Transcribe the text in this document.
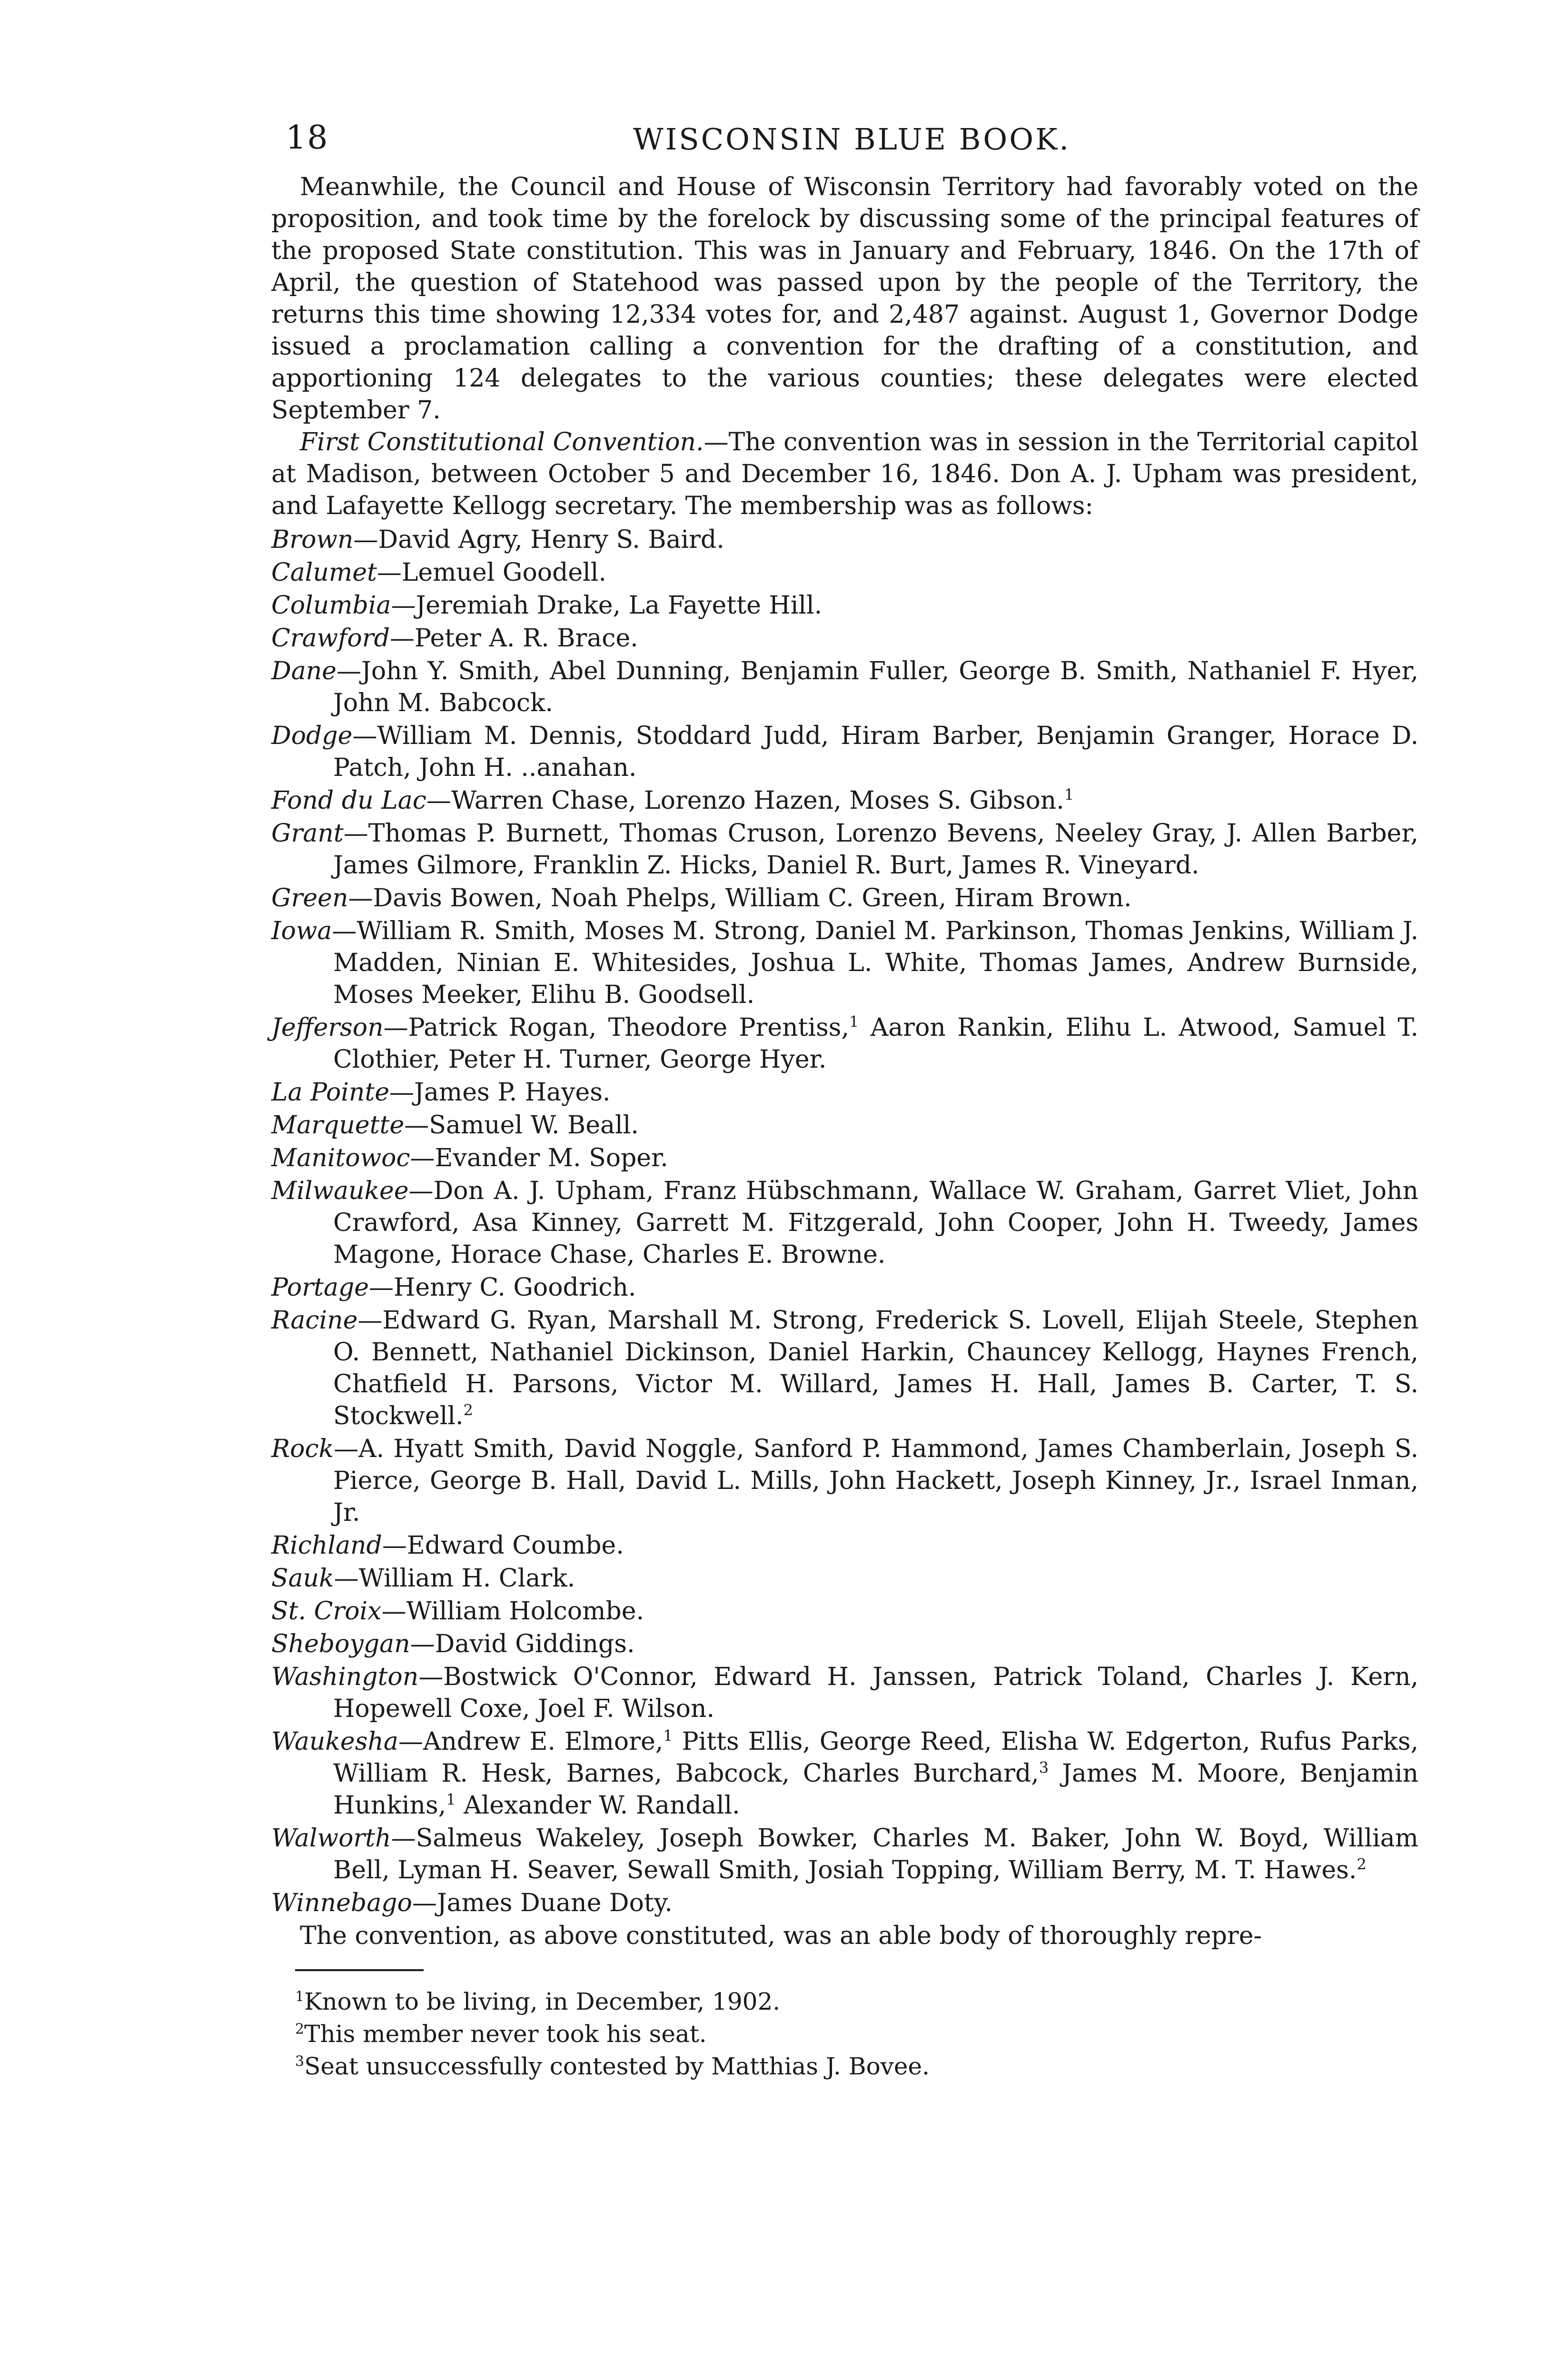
18	WISCONSIN BLUE BOOK.

Meanwhile, the Council and House of Wisconsin Territory had favorably voted on the proposition, and took time by the forelock by discussing some of the principal features of the proposed State constitution. This was in January and February, 1846. On the 17th of April, the question of Statehood was passed upon by the people of the Territory, the returns this time showing 12,334 votes for, and 2,487 against. August 1, Governor Dodge issued a proclamation calling a convention for the drafting of a constitution, and apportioning 124 delegates to the various counties; these delegates were elected September 7.

First Constitutional Convention.—The convention was in session in the Territorial capitol at Madison, between October 5 and December 16, 1846. Don A. J. Upham was president, and Lafayette Kellogg secretary. The membership was as follows:

Brown—David Agry, Henry S. Baird.
Calumet—Lemuel Goodell.
Columbia—Jeremiah Drake, La Fayette Hill.
Crawford—Peter A. R. Brace.
Dane—John Y. Smith, Abel Dunning, Benjamin Fuller, George B. Smith, Nathaniel F. Hyer, John M. Babcock.
Dodge—William M. Dennis, Stoddard Judd, Hiram Barber, Benjamin Granger, Horace D. Patch, John H. ..anahan.
Fond du Lac—Warren Chase, Lorenzo Hazen, Moses S. Gibson.$^1$
Grant—Thomas P. Burnett, Thomas Cruson, Lorenzo Bevens, Neeley Gray, J. Allen Barber, James Gilmore, Franklin Z. Hicks, Daniel R. Burt, James R. Vineyard.
Green—Davis Bowen, Noah Phelps, William C. Green, Hiram Brown.
Iowa—William R. Smith, Moses M. Strong, Daniel M. Parkinson, Thomas Jenkins, William J. Madden, Ninian E. Whitesides, Joshua L. White, Thomas James, Andrew Burnside, Moses Meeker, Elihu B. Goodsell.
Jefferson—Patrick Rogan, Theodore Prentiss,$^1$ Aaron Rankin, Elihu L. Atwood, Samuel T. Clothier, Peter H. Turner, George Hyer.
La Pointe—James P. Hayes.
Marquette—Samuel W. Beall.
Manitowoc—Evander M. Soper.
Milwaukee—Don A. J. Upham, Franz Hübschmann, Wallace W. Graham, Garret Vliet, John Crawford, Asa Kinney, Garrett M. Fitzgerald, John Cooper, John H. Tweedy, James Magone, Horace Chase, Charles E. Browne.
Portage—Henry C. Goodrich.
Racine—Edward G. Ryan, Marshall M. Strong, Frederick S. Lovell, Elijah Steele, Stephen O. Bennett, Nathaniel Dickinson, Daniel Harkin, Chauncey Kellogg, Haynes French, Chatfield H. Parsons, Victor M. Willard, James H. Hall, James B. Carter, T. S. Stockwell.$^2$
Rock—A. Hyatt Smith, David Noggle, Sanford P. Hammond, James Chamberlain, Joseph S. Pierce, George B. Hall, David L. Mills, John Hackett, Joseph Kinney, Jr., Israel Inman, Jr.
Richland—Edward Coumbe.
Sauk—William H. Clark.
St. Croix—William Holcombe.
Sheboygan—David Giddings.
Washington—Bostwick O'Connor, Edward H. Janssen, Patrick Toland, Charles J. Kern, Hopewell Coxe, Joel F. Wilson.
Waukesha—Andrew E. Elmore,$^1$ Pitts Ellis, George Reed, Elisha W. Edgerton, Rufus Parks, William R. Hesk, Barnes, Babcock, Charles Burchard,$^3$ James M. Moore, Benjamin Hunkins,$^1$ Alexander W. Randall.
Walworth—Salmeus Wakeley, Joseph Bowker, Charles M. Baker, John W. Boyd, William Bell, Lyman H. Seaver, Sewall Smith, Josiah Topping, William Berry, M. T. Hawes.$^2$
Winnebago—James Duane Doty.

The convention, as above constituted, was an able body of thoroughly repre-

$^1$Known to be living, in December, 1902.
$^2$This member never took his seat.
$^3$Seat unsuccessfully contested by Matthias J. Bovee.
